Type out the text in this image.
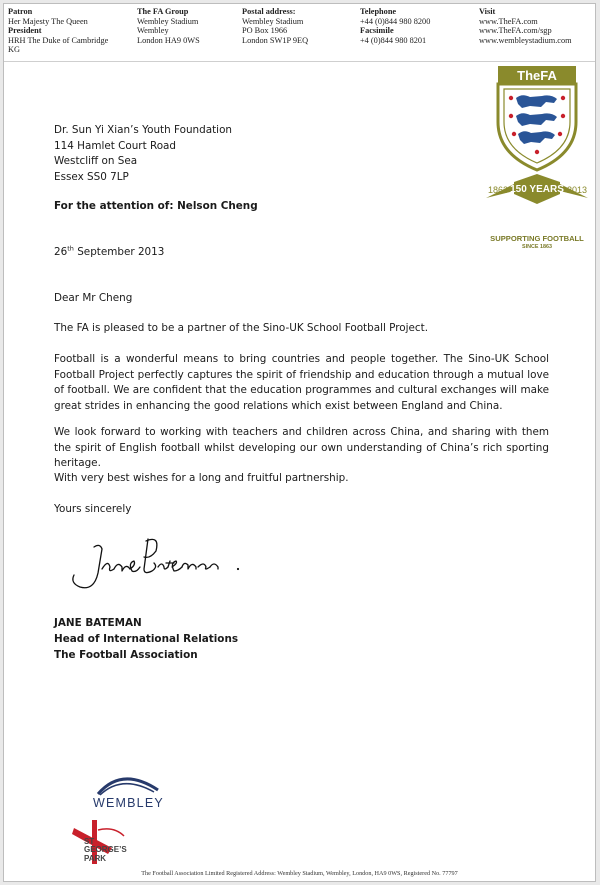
Patron
Her Majesty The Queen
President
HRH The Duke of Cambridge
KG
The FA Group
Wembley Stadium
Wembley
London HA9 0WS
Postal address:
Wembley Stadium
PO Box 1966
London SW1P 9EQ
Telephone
+44 (0)844 980 8200
Facsimile
+4 (0)844 980 8201
Visit
www.TheFA.com
www.TheFA.com/sgp
www.wembleystadium.com
TheFA
150 YEARS
1863	2013
SUPPORTING FOOTBALL
SINCE 1863
Dr. Sun Yi Xian’s Youth Foundation
114 Hamlet Court Road
Westcliff on Sea
Essex SS0 7LP
For the attention of: Nelson Cheng
26th September 2013
Dear Mr Cheng
The FA is pleased to be a partner of the Sino-UK School Football Project.
Football is a wonderful means to bring countries and people together. The Sino-UK School Football Project perfectly captures the spirit of friendship and education through a mutual love of football. We are confident that the education programmes and cultural exchanges will make great strides in enhancing the good relations which exist between England and China.
We look forward to working with teachers and children across China, and sharing with them the spirit of English football whilst developing our own understanding of China’s rich sporting heritage.
With very best wishes for a long and fruitful partnership.
Yours sincerely
JANE BATEMAN
Head of International Relations
The Football Association
WEMBLEY
ST
GEORGE’S
PARK
The Football Association Limited Registered Address: Wembley Stadium, Wembley, London, HA9 0WS, Registered No. 77797
